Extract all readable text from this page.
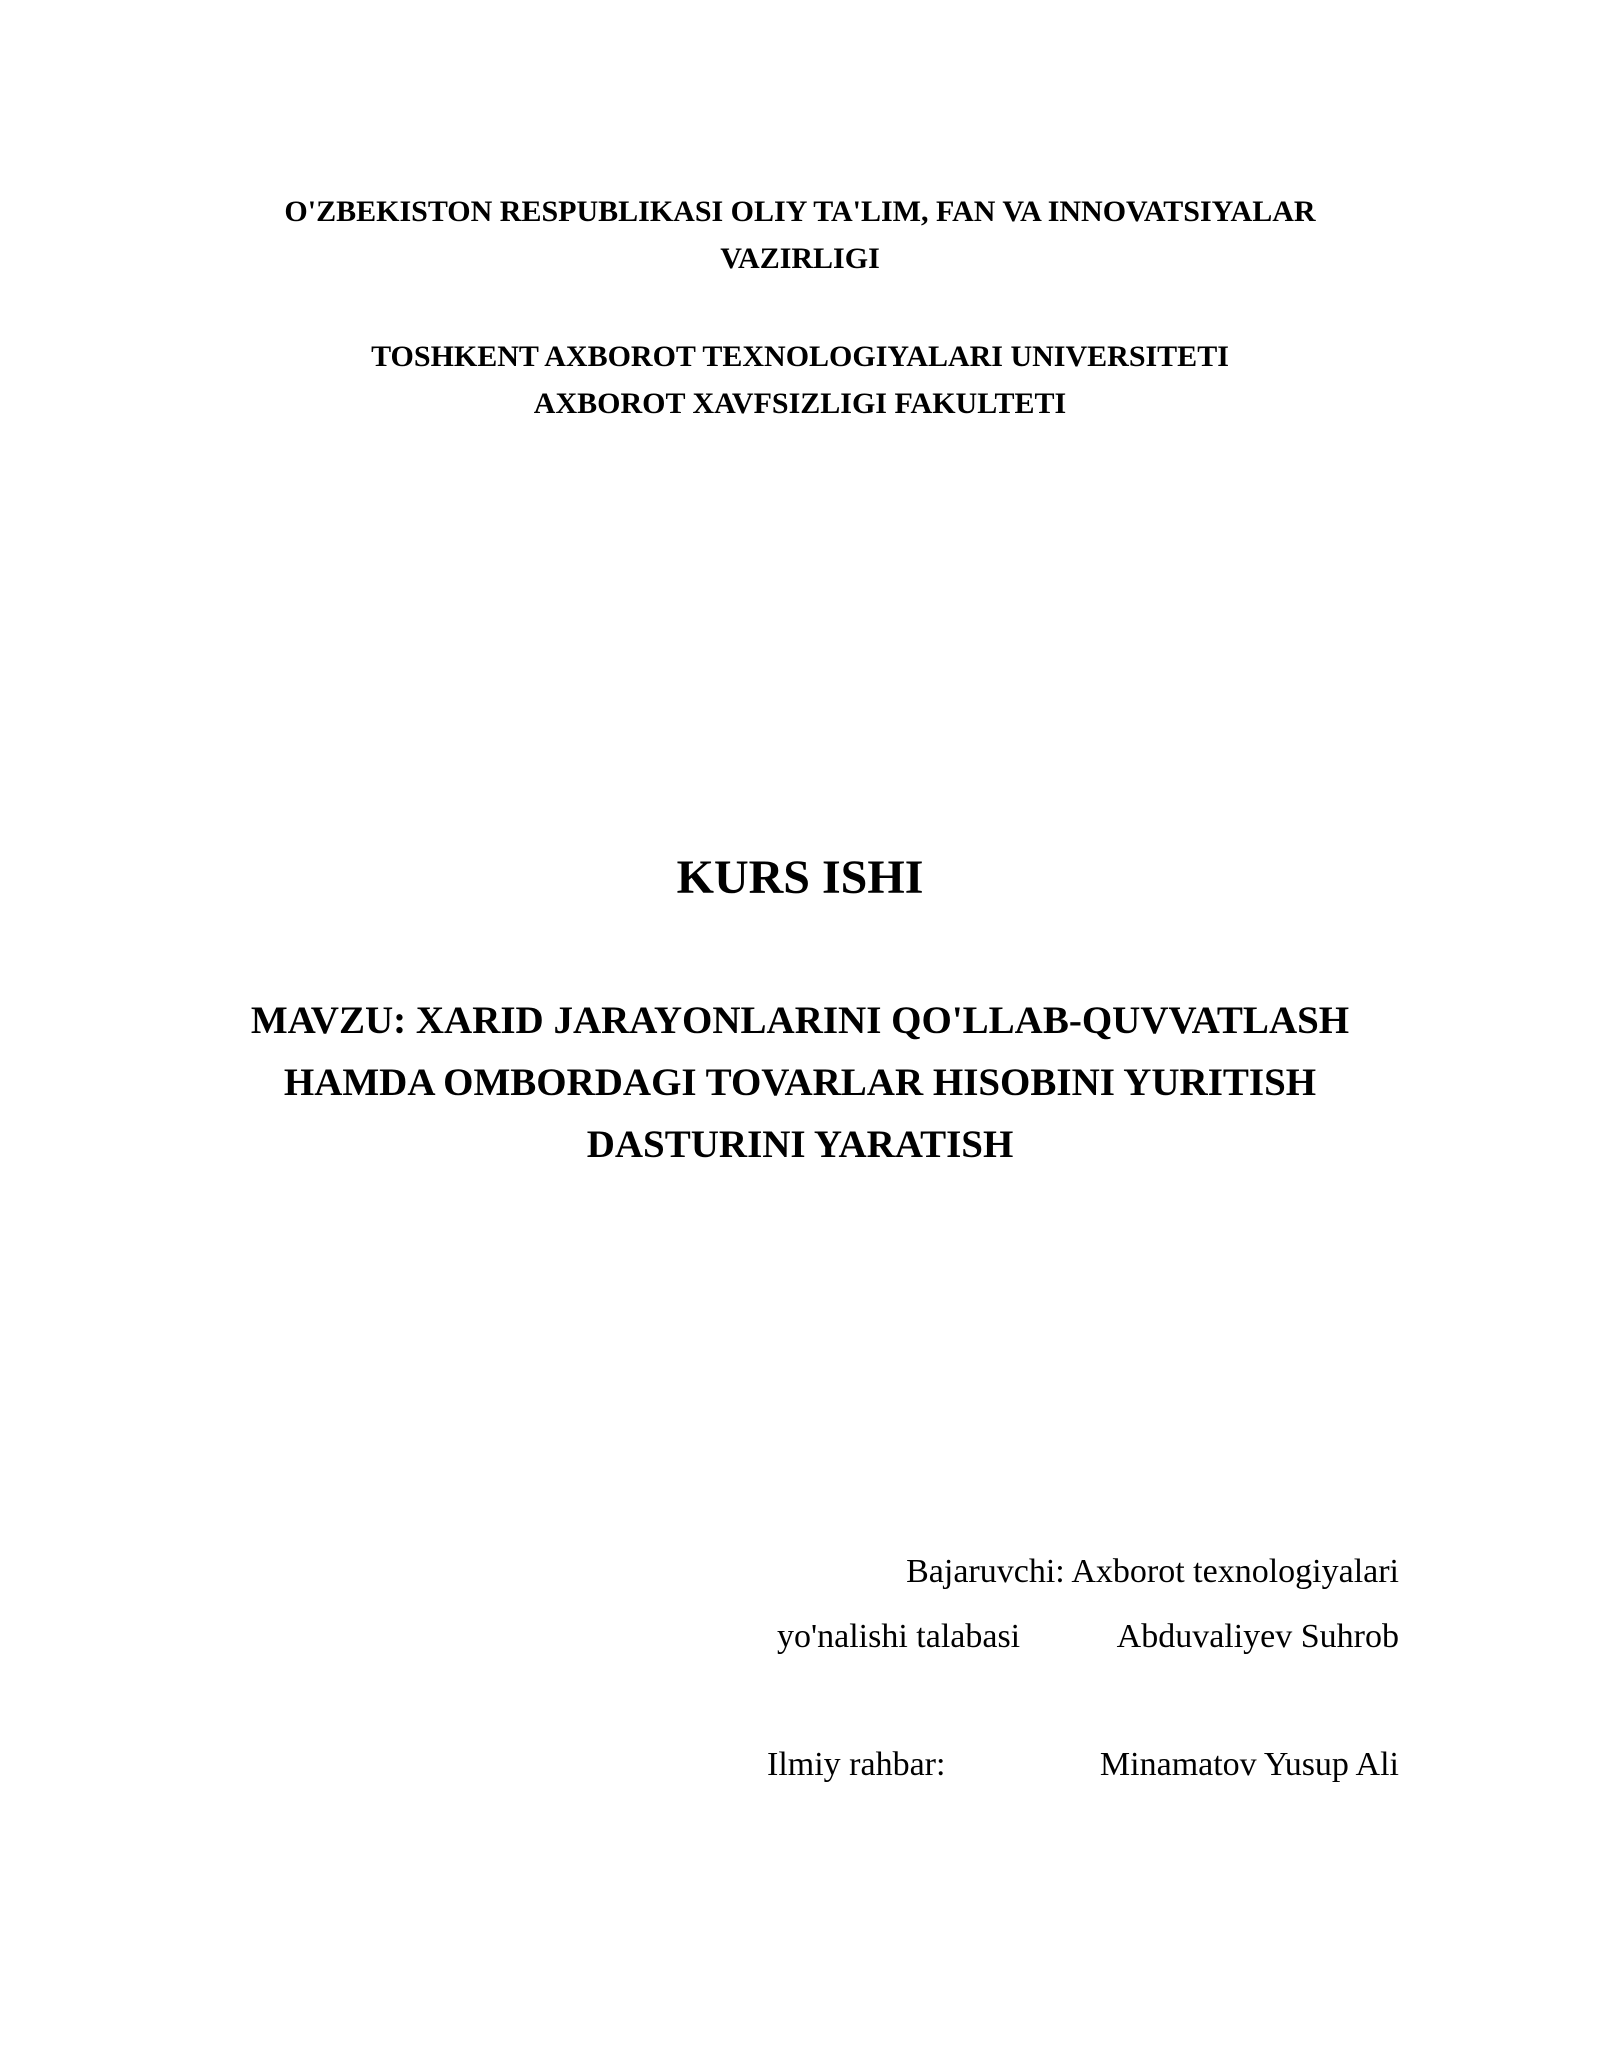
O'ZBEKISTON RESPUBLIKASI OLIY TA'LIM, FAN VA INNOVATSIYALAR
VAZIRLIGI
TOSHKENT AXBOROT TEXNOLOGIYALARI UNIVERSITETI
AXBOROT XAVFSIZLIGI FAKULTETI
KURS ISHI
MAVZU: XARID JARAYONLARINI QO'LLAB-QUVVATLASH
HAMDA OMBORDAGI TOVARLAR HISOBINI YURITISH
DASTURINI YARATISH
Bajaruvchi: Axborot texnologiyalari
yo'nalishi talabasi	Abduvaliyev Suhrob
Ilmiy rahbar:	Minamatov Yusup Ali
